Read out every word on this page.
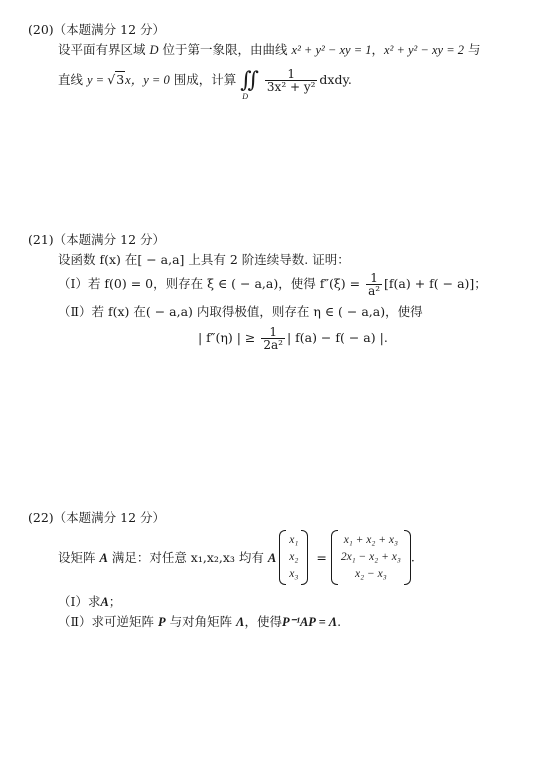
(20)（本题满分 12 分）
设平面有界区域 D 位于第一象限，由曲线 x² + y² − xy = 1，x² + y² − xy = 2 与
直线 y = √3x，y = 0 围成，计算 ∬
D
$\frac{1}{\text{3x² + y²}}$ dxdy.
(21)（本题满分 12 分）
设函数 f(x) 在[ − a,a] 上具有 2 阶连续导数. 证明：
（Ⅰ）若 f(0) = 0，则存在 ξ ∈ ( − a,a)，使得 $f''(\xi) = \frac{1}{\text{a²}} [f(a) + f( - a)]$；
（Ⅱ）若 f(x) 在( − a,a) 内取得极值，则存在 η ∈ ( − a,a)，使得
| f″(η) | ≥ $\frac{1}{\text{2a²}}$ | f(a) − f( − a) |.
(22)（本题满分 12 分）
设矩阵 A 满足：对任意 x₁,x₂,x₃ 均有 A
x₁
x₂
x₃
=
x₁ + x₂ + x₃
2x₁ − x₂ + x₃
x₂ − x₃
.
（Ⅰ）求A；
（Ⅱ）求可逆矩阵 P 与对角矩阵 Λ，使得P⁻¹AP = Λ.
